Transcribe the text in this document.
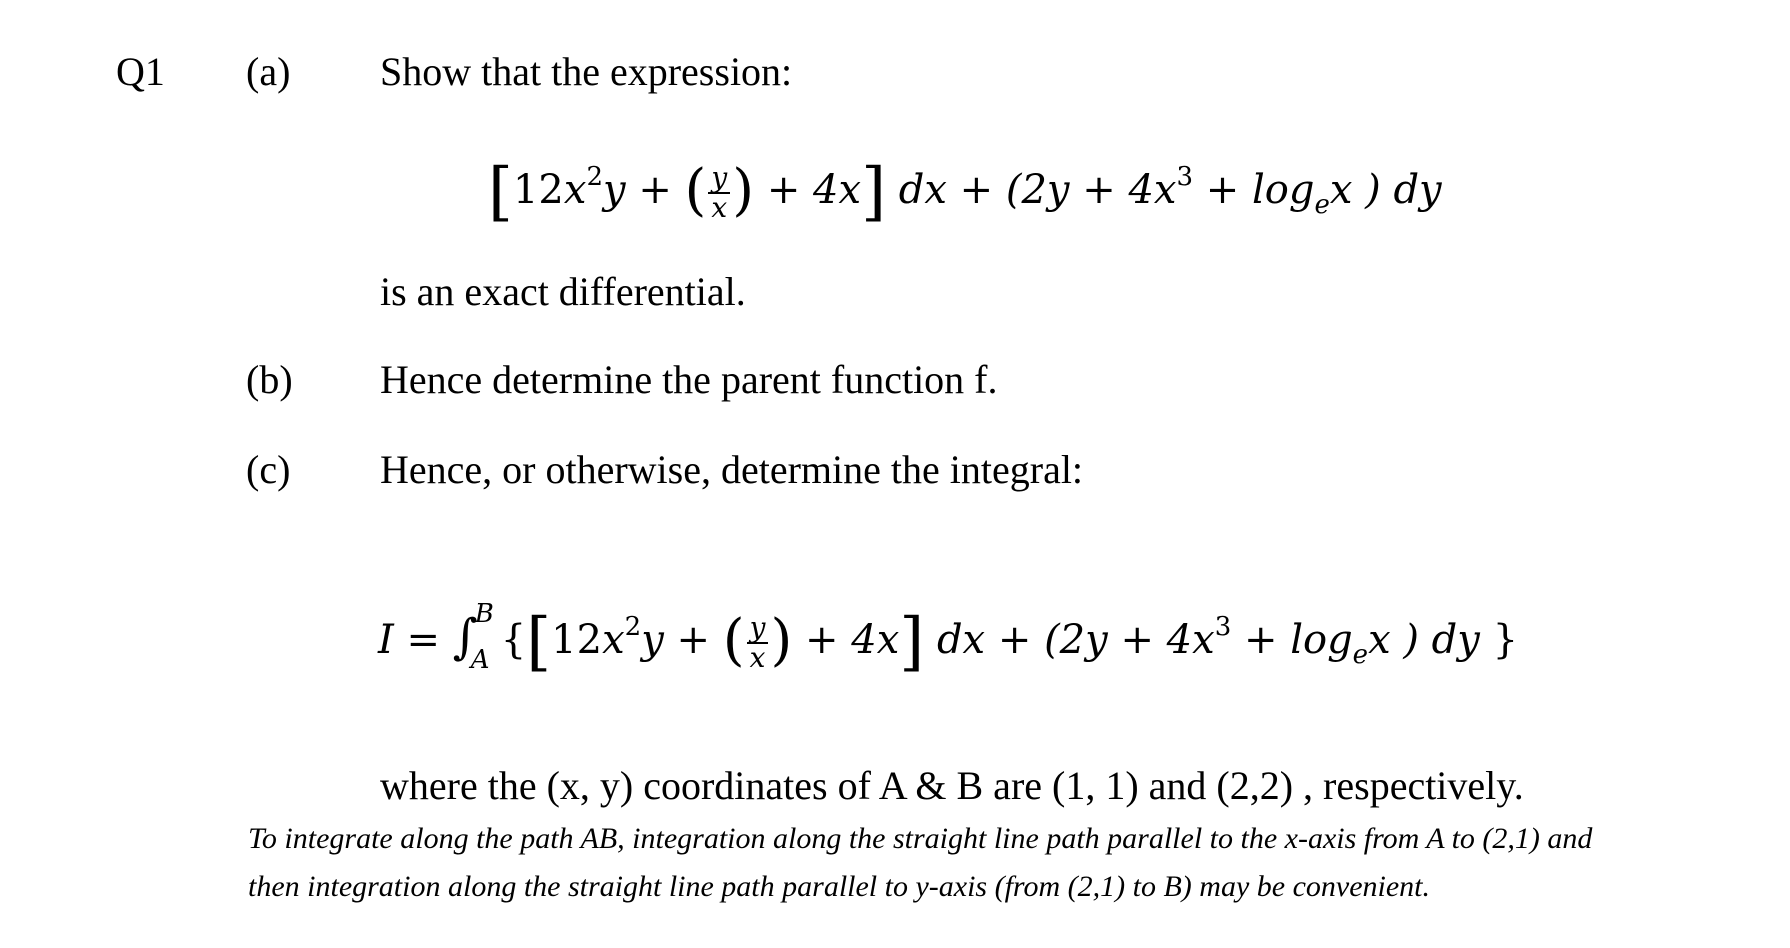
Q1 (a) Show that the expression:
[$12x^2y$ + ( $\frac{y}{x}$ ) + 4x] dx + ($2y + 4x^3 + \log_ex$ ) dy
is an exact differential.
(b) Hence determine the parent function f.
(c) Hence, or otherwise, determine the integral:
I = ∫
B
A {[$12x^2y$ + ( $\frac{y}{x}$ ) + 4x] dx + ($2y + 4x^3 + \log_ex$ ) dy }
where the (x, y) coordinates of A & B are (1, 1) and (2,2) , respectively.
To integrate along the path AB, integration along the straight line path parallel to the x-axis from A to (2,1) and
then integration along the straight line path parallel to y-axis (from (2,1) to B) may be convenient.
